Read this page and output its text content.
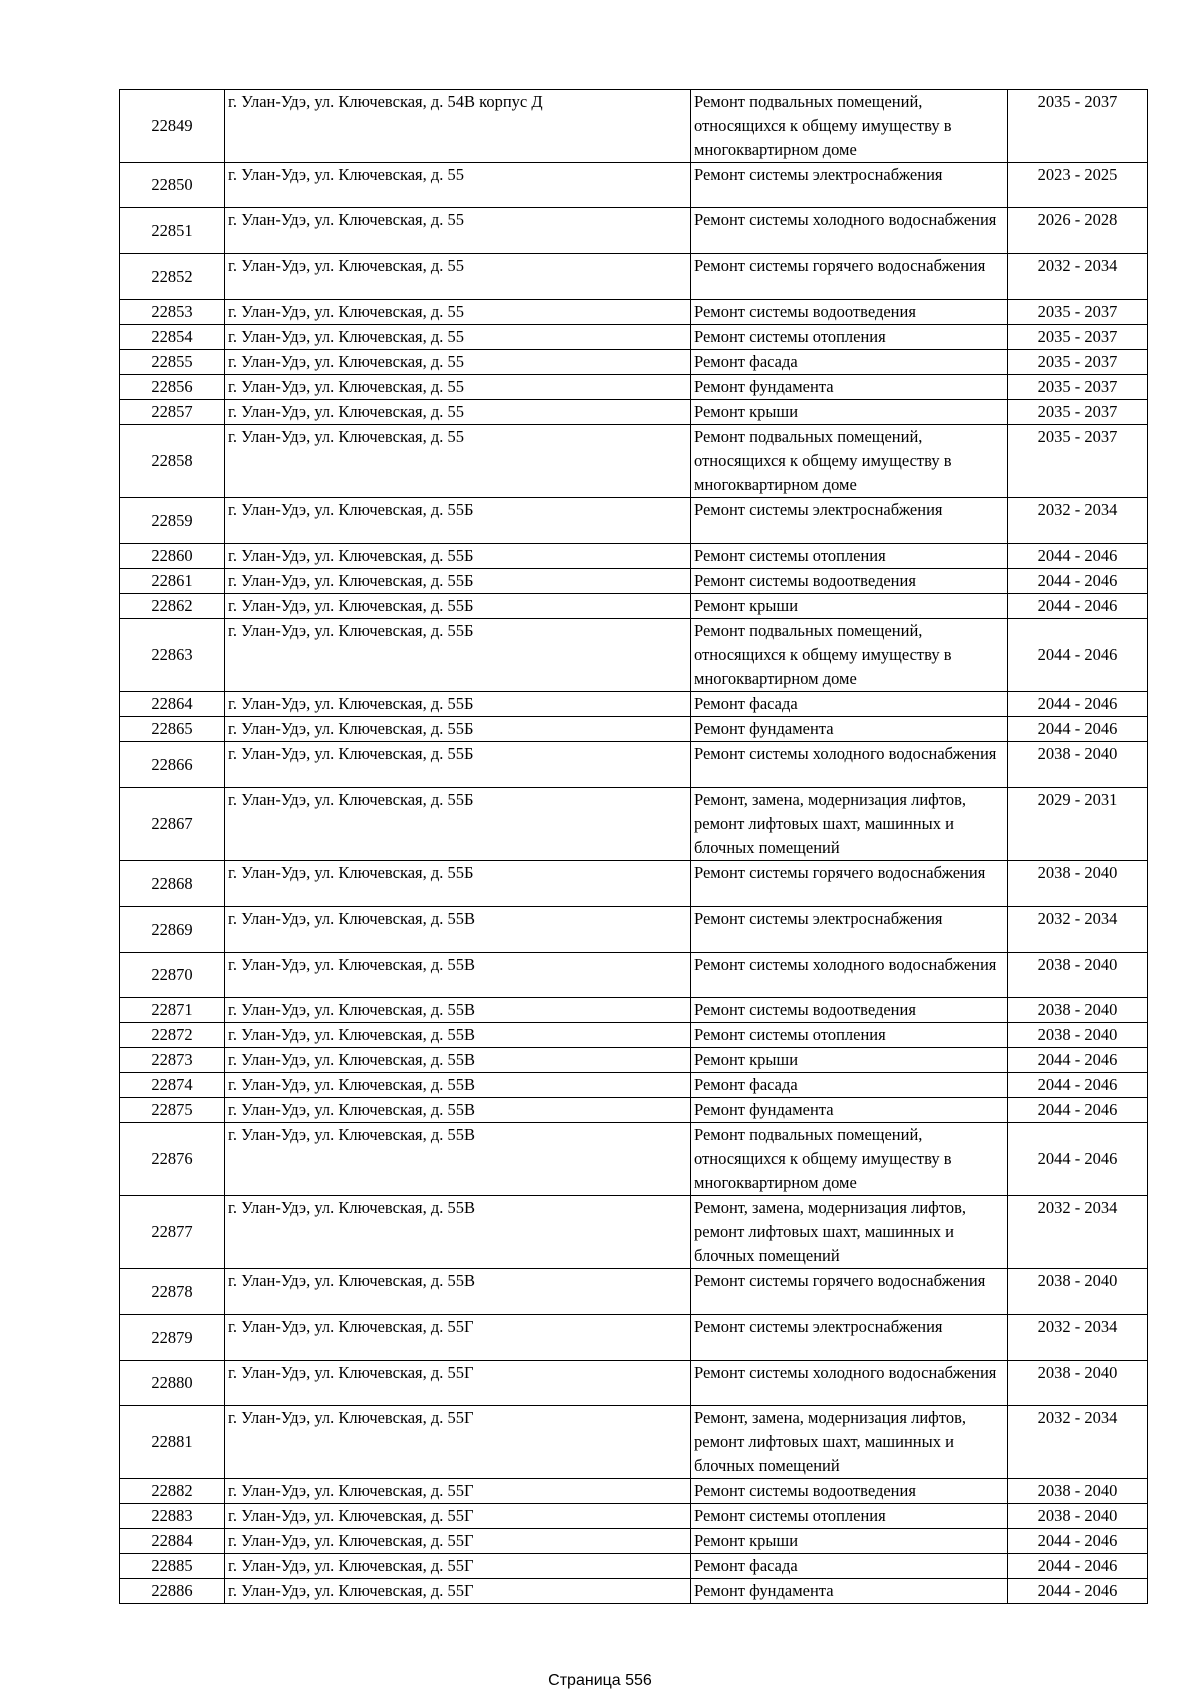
22849	г. Улан-Удэ, ул. Ключевская, д. 54В корпус Д	Ремонт подвальных помещений, относящихся к общему имуществу в многоквартирном доме	2035 - 2037
22850	г. Улан-Удэ, ул. Ключевская, д. 55	Ремонт системы электроснабжения	2023 - 2025
22851	г. Улан-Удэ, ул. Ключевская, д. 55	Ремонт системы холодного водоснабжения	2026 - 2028
22852	г. Улан-Удэ, ул. Ключевская, д. 55	Ремонт системы горячего водоснабжения	2032 - 2034
22853	г. Улан-Удэ, ул. Ключевская, д. 55	Ремонт системы водоотведения	2035 - 2037
22854	г. Улан-Удэ, ул. Ключевская, д. 55	Ремонт системы отопления	2035 - 2037
22855	г. Улан-Удэ, ул. Ключевская, д. 55	Ремонт фасада	2035 - 2037
22856	г. Улан-Удэ, ул. Ключевская, д. 55	Ремонт фундамента	2035 - 2037
22857	г. Улан-Удэ, ул. Ключевская, д. 55	Ремонт крыши	2035 - 2037
22858	г. Улан-Удэ, ул. Ключевская, д. 55	Ремонт подвальных помещений, относящихся к общему имуществу в многоквартирном доме	2035 - 2037
22859	г. Улан-Удэ, ул. Ключевская, д. 55Б	Ремонт системы электроснабжения	2032 - 2034
22860	г. Улан-Удэ, ул. Ключевская, д. 55Б	Ремонт системы отопления	2044 - 2046
22861	г. Улан-Удэ, ул. Ключевская, д. 55Б	Ремонт системы водоотведения	2044 - 2046
22862	г. Улан-Удэ, ул. Ключевская, д. 55Б	Ремонт крыши	2044 - 2046
22863	г. Улан-Удэ, ул. Ключевская, д. 55Б	Ремонт подвальных помещений, относящихся к общему имуществу в многоквартирном доме	2044 - 2046
22864	г. Улан-Удэ, ул. Ключевская, д. 55Б	Ремонт фасада	2044 - 2046
22865	г. Улан-Удэ, ул. Ключевская, д. 55Б	Ремонт фундамента	2044 - 2046
22866	г. Улан-Удэ, ул. Ключевская, д. 55Б	Ремонт системы холодного водоснабжения	2038 - 2040
22867	г. Улан-Удэ, ул. Ключевская, д. 55Б	Ремонт, замена, модернизация лифтов, ремонт лифтовых шахт, машинных и блочных помещений	2029 - 2031
22868	г. Улан-Удэ, ул. Ключевская, д. 55Б	Ремонт системы горячего водоснабжения	2038 - 2040
22869	г. Улан-Удэ, ул. Ключевская, д. 55В	Ремонт системы электроснабжения	2032 - 2034
22870	г. Улан-Удэ, ул. Ключевская, д. 55В	Ремонт системы холодного водоснабжения	2038 - 2040
22871	г. Улан-Удэ, ул. Ключевская, д. 55В	Ремонт системы водоотведения	2038 - 2040
22872	г. Улан-Удэ, ул. Ключевская, д. 55В	Ремонт системы отопления	2038 - 2040
22873	г. Улан-Удэ, ул. Ключевская, д. 55В	Ремонт крыши	2044 - 2046
22874	г. Улан-Удэ, ул. Ключевская, д. 55В	Ремонт фасада	2044 - 2046
22875	г. Улан-Удэ, ул. Ключевская, д. 55В	Ремонт фундамента	2044 - 2046
22876	г. Улан-Удэ, ул. Ключевская, д. 55В	Ремонт подвальных помещений, относящихся к общему имуществу в многоквартирном доме	2044 - 2046
22877	г. Улан-Удэ, ул. Ключевская, д. 55В	Ремонт, замена, модернизация лифтов, ремонт лифтовых шахт, машинных и блочных помещений	2032 - 2034
22878	г. Улан-Удэ, ул. Ключевская, д. 55В	Ремонт системы горячего водоснабжения	2038 - 2040
22879	г. Улан-Удэ, ул. Ключевская, д. 55Г	Ремонт системы электроснабжения	2032 - 2034
22880	г. Улан-Удэ, ул. Ключевская, д. 55Г	Ремонт системы холодного водоснабжения	2038 - 2040
22881	г. Улан-Удэ, ул. Ключевская, д. 55Г	Ремонт, замена, модернизация лифтов, ремонт лифтовых шахт, машинных и блочных помещений	2032 - 2034
22882	г. Улан-Удэ, ул. Ключевская, д. 55Г	Ремонт системы водоотведения	2038 - 2040
22883	г. Улан-Удэ, ул. Ключевская, д. 55Г	Ремонт системы отопления	2038 - 2040
22884	г. Улан-Удэ, ул. Ключевская, д. 55Г	Ремонт крыши	2044 - 2046
22885	г. Улан-Удэ, ул. Ключевская, д. 55Г	Ремонт фасада	2044 - 2046
22886	г. Улан-Удэ, ул. Ключевская, д. 55Г	Ремонт фундамента	2044 - 2046
Страница 556
